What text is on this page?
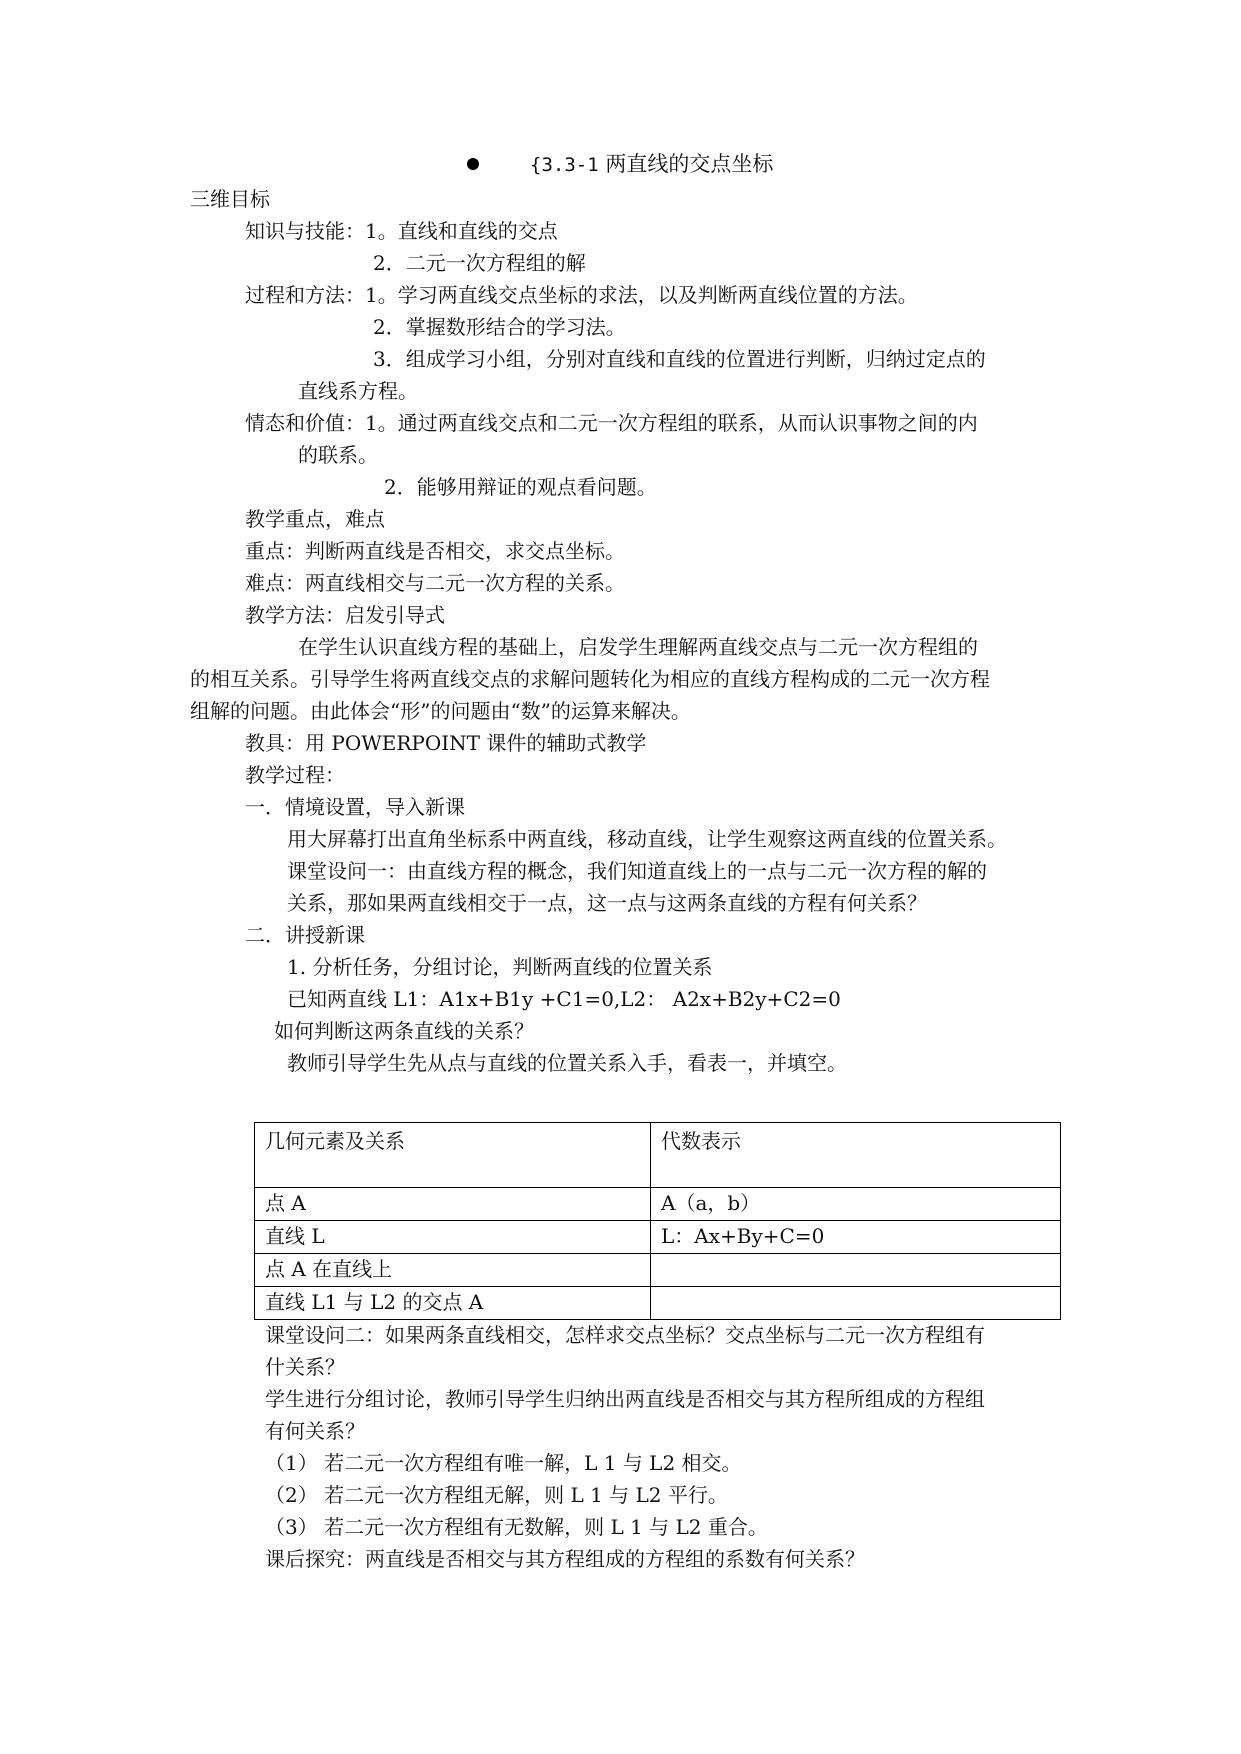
{3.3-1 两直线的交点坐标
三维目标
知识与技能：1。直线和直线的交点
2．二元一次方程组的解
过程和方法：1。学习两直线交点坐标的求法，以及判断两直线位置的方法。
2．掌握数形结合的学习法。
3．组成学习小组，分别对直线和直线的位置进行判断，归纳过定点的
直线系方程。
情态和价值：1。通过两直线交点和二元一次方程组的联系，从而认识事物之间的内
的联系。
2．能够用辩证的观点看问题。
教学重点，难点
重点：判断两直线是否相交，求交点坐标。
难点：两直线相交与二元一次方程的关系。
教学方法：启发引导式
在学生认识直线方程的基础上，启发学生理解两直线交点与二元一次方程组的
的相互关系。引导学生将两直线交点的求解问题转化为相应的直线方程构成的二元一次方程
组解的问题。由此体会“形”的问题由“数”的运算来解决。
教具：用 POWERPOINT 课件的辅助式教学
教学过程：
一．情境设置，导入新课
用大屏幕打出直角坐标系中两直线，移动直线，让学生观察这两直线的位置关系。
课堂设问一：由直线方程的概念，我们知道直线上的一点与二元一次方程的解的
关系，那如果两直线相交于一点，这一点与这两条直线的方程有何关系？
二．讲授新课
1. 分析任务，分组讨论，判断两直线的位置关系
已知两直线 L1：A1x+B1y +C1=0,L2： A2x+B2y+C2=0
如何判断这两条直线的关系？
教师引导学生先从点与直线的位置关系入手，看表一，并填空。
几何元素及关系	代数表示
点 A	A（a，b）
直线 L	L：Ax+By+C=0
点 A 在直线上	
直线 L1 与 L2 的交点 A	
课堂设问二：如果两条直线相交，怎样求交点坐标？交点坐标与二元一次方程组有
什关系？
学生进行分组讨论，教师引导学生归纳出两直线是否相交与其方程所组成的方程组
有何关系？
（1） 若二元一次方程组有唯一解，L 1 与 L2 相交。
（2） 若二元一次方程组无解，则 L 1 与 L2 平行。
（3） 若二元一次方程组有无数解，则 L 1 与 L2 重合。
课后探究：两直线是否相交与其方程组成的方程组的系数有何关系？
